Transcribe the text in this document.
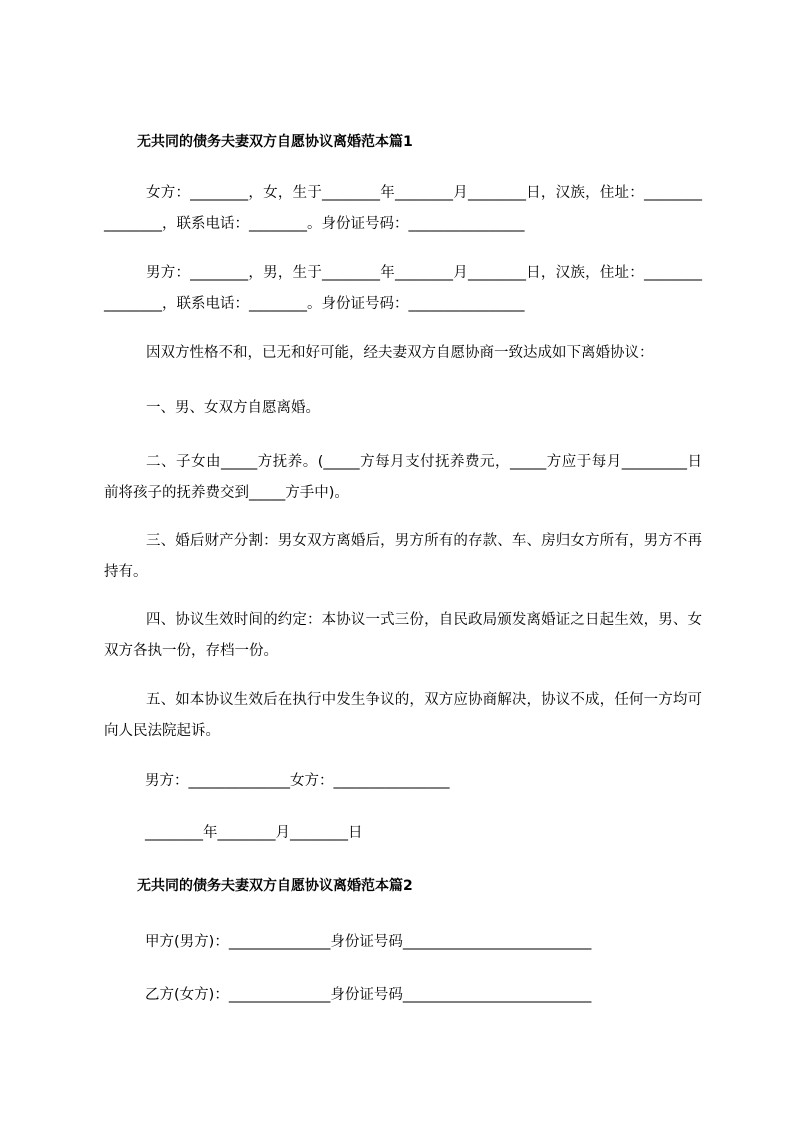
无共同的债务夫妻双方自愿协议离婚范本篇1

女方：________，女，生于________年________月________日，汉族，住址：________________，联系电话：________。身份证号码：________________

男方：________，男，生于________年________月________日，汉族，住址：________________，联系电话：________。身份证号码：________________

因双方性格不和，已无和好可能，经夫妻双方自愿协商一致达成如下离婚协议：

一、男、女双方自愿离婚。

二、子女由_____方抚养。(_____方每月支付抚养费元，_____方应于每月_________日前将孩子的抚养费交到_____方手中)。

三、婚后财产分割：男女双方离婚后，男方所有的存款、车、房归女方所有，男方不再持有。

四、协议生效时间的约定：本协议一式三份，自民政局颁发离婚证之日起生效，男、女双方各执一份，存档一份。

五、如本协议生效后在执行中发生争议的，双方应协商解决，协议不成，任何一方均可向人民法院起诉。

男方：______________女方：________________
________年________月________日
无共同的债务夫妻双方自愿协议离婚范本篇2
甲方(男方)：______________身份证号码__________________________
乙方(女方)：______________身份证号码__________________________
